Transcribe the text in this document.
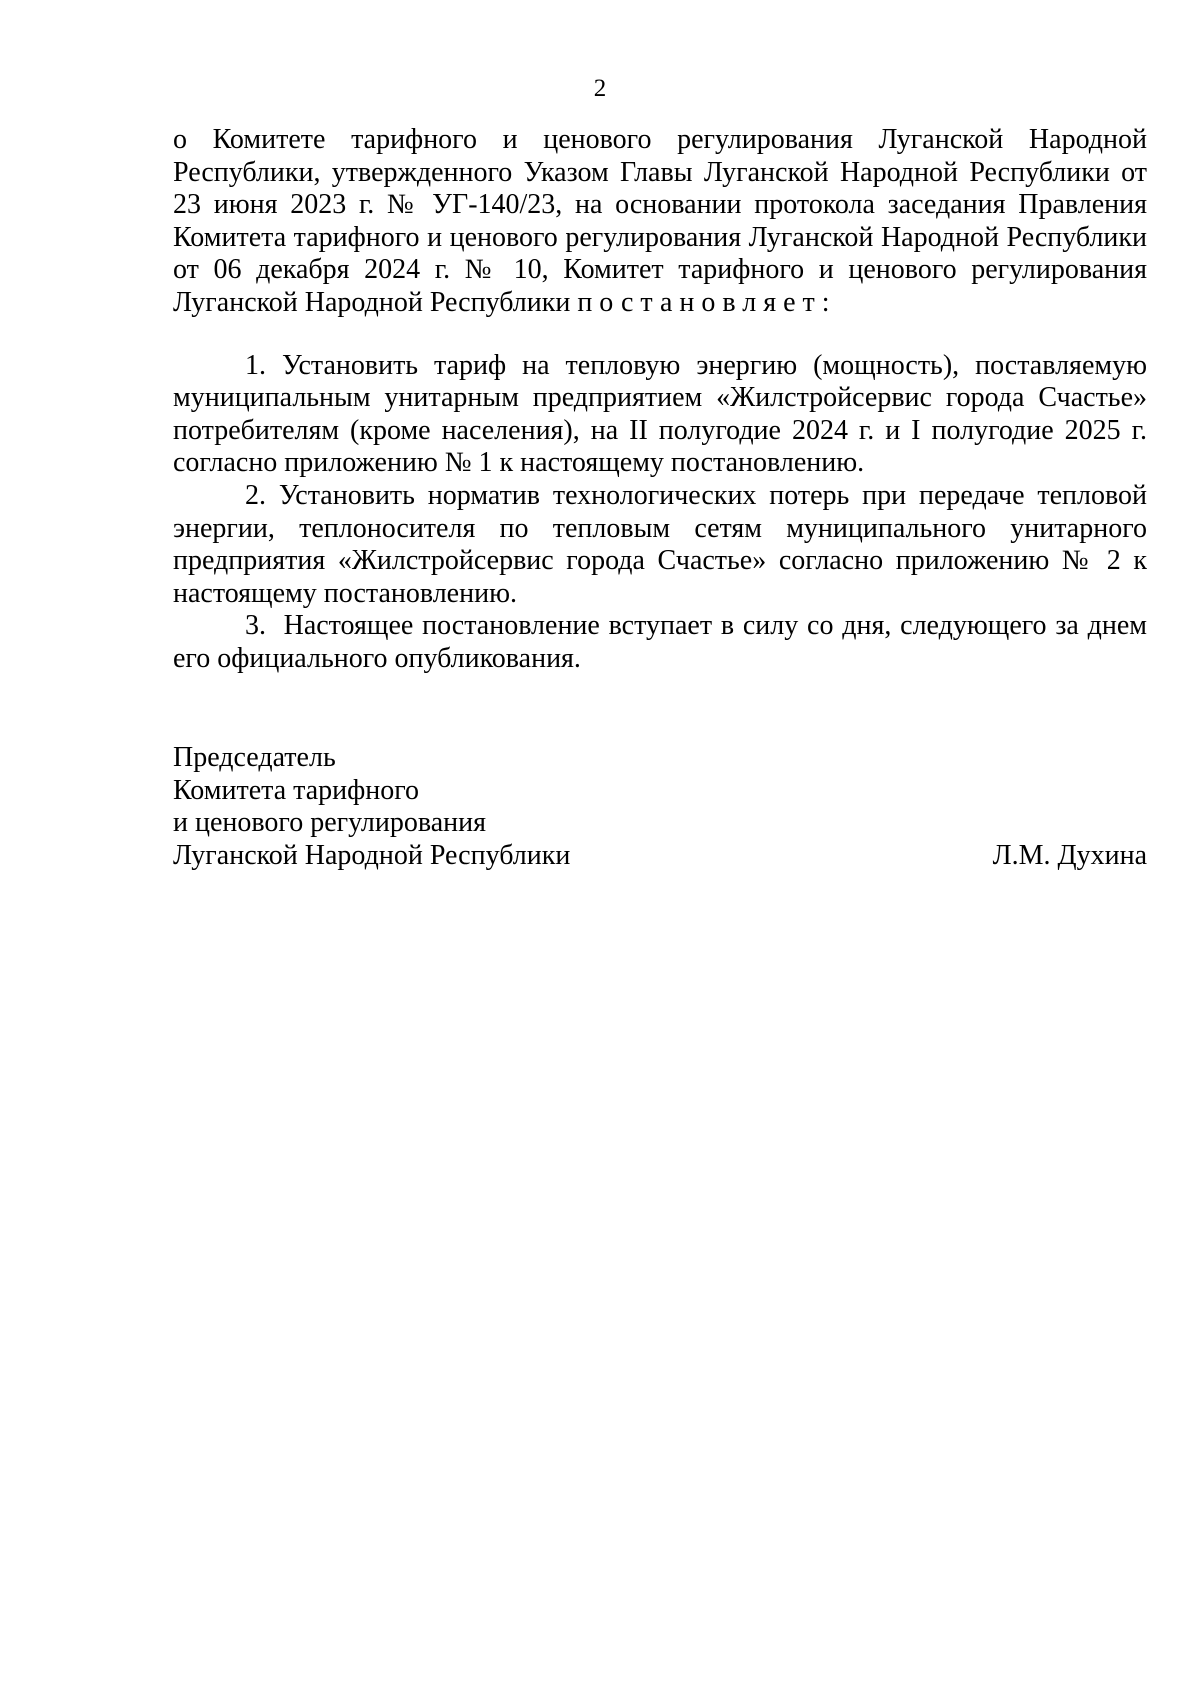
2

о Комитете тарифного и ценового регулирования Луганской Народной Республики, утвержденного Указом Главы Луганской Народной Республики от 23 июня 2023 г. № УГ-140/23, на основании протокола заседания Правления Комитета тарифного и ценового регулирования Луганской Народной Республики от 06 декабря 2024 г. № 10, Комитет тарифного и ценового регулирования Луганской Народной Республики постановляет:

1. Установить тариф на тепловую энергию (мощность), поставляемую муниципальным унитарным предприятием «Жилстройсервис города Счастье» потребителям (кроме населения), на II полугодие 2024 г. и I полугодие 2025 г. согласно приложению № 1 к настоящему постановлению.

2. Установить норматив технологических потерь при передаче тепловой энергии, теплоносителя по тепловым сетям муниципального унитарного предприятия «Жилстройсервис города Счастье» согласно приложению № 2 к настоящему постановлению.

3. Настоящее постановление вступает в силу со дня, следующего за днем его официального опубликования.

Председатель

Комитета тарифного

и ценового регулирования

Луганской Народной Республики	Л.М. Духина
